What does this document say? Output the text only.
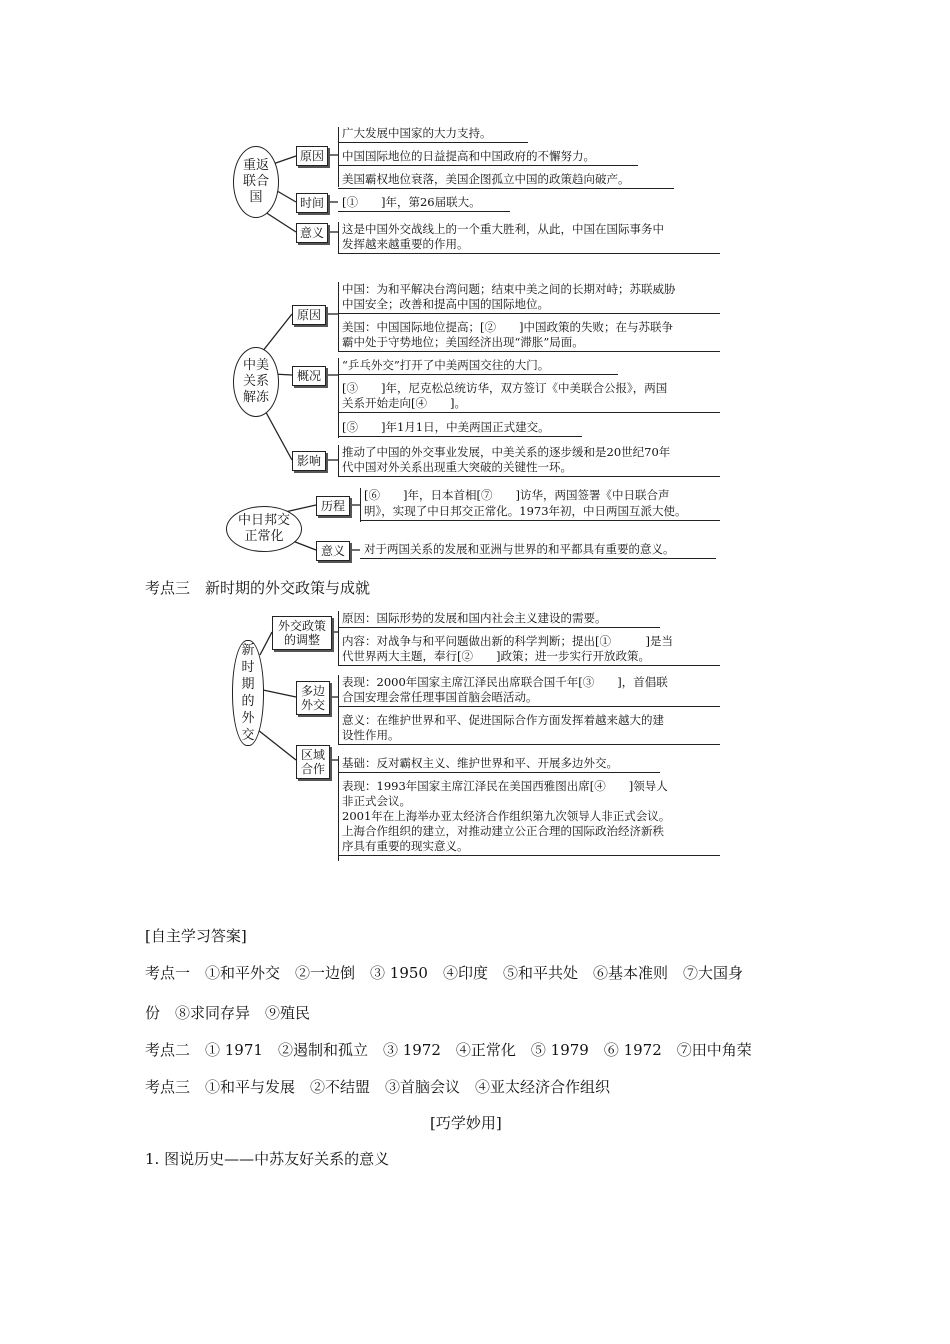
重返联合国
原因
时间
意义
广大发展中国家的大力支持。
中国国际地位的日益提高和中国政府的不懈努力。
美国霸权地位衰落，美国企图孤立中国的政策趋向破产。
[①　　]年，第26届联大。
这是中国外交战线上的一个重大胜利，从此，中国在国际事务中
发挥越来越重要的作用。
中美关系解冻
原因
概况
影响
中国：为和平解决台湾问题；结束中美之间的长期对峙；苏联威胁
中国安全；改善和提高中国的国际地位。
美国：中国国际地位提高；[②　　]中国政策的失败；在与苏联争
霸中处于守势地位；美国经济出现“滞胀”局面。
“乒乓外交”打开了中美两国交往的大门。
[③　　]年，尼克松总统访华，双方签订《中美联合公报》，两国
关系开始走向[④　　]。
[⑤　　]年1月1日，中美两国正式建交。
推动了中国的外交事业发展，中美关系的逐步缓和是20世纪70年
代中国对外关系出现重大突破的关键性一环。
中日邦交正常化
历程
意义
[⑥　　]年，日本首相[⑦　　]访华，两国签署《中日联合声
明》，实现了中日邦交正常化。1973年初，中日两国互派大使。
对于两国关系的发展和亚洲与世界的和平都具有重要的意义。
考点三　新时期的外交政策与成就
新时期的外交
外交政策的调整
多边外交
区域合作
原因：国际形势的发展和国内社会主义建设的需要。
内容：对战争与和平问题做出新的科学判断；提出[①　　　]是当
代世界两大主题，奉行[②　　]政策；进一步实行开放政策。
表现：2000年国家主席江泽民出席联合国千年[③　　]，首倡联
合国安理会常任理事国首脑会晤活动。
意义：在维护世界和平、促进国际合作方面发挥着越来越大的建
设性作用。
基础：反对霸权主义、维护世界和平、开展多边外交。
表现：1993年国家主席江泽民在美国西雅图出席[④　　]领导人
非正式会议。
2001年在上海举办亚太经济合作组织第九次领导人非正式会议。
上海合作组织的建立，对推动建立公正合理的国际政治经济新秩
序具有重要的现实意义。
[自主学习答案]
考点一　①和平外交　②一边倒　③ 1950　④印度　⑤和平共处　⑥基本准则　⑦大国身
份　⑧求同存异　⑨殖民
考点二　① 1971　②遏制和孤立　③ 1972　④正常化　⑤ 1979　⑥ 1972　⑦田中角荣
考点三　①和平与发展　②不结盟　③首脑会议　④亚太经济合作组织
[巧学妙用]
1. 图说历史——中苏友好关系的意义
